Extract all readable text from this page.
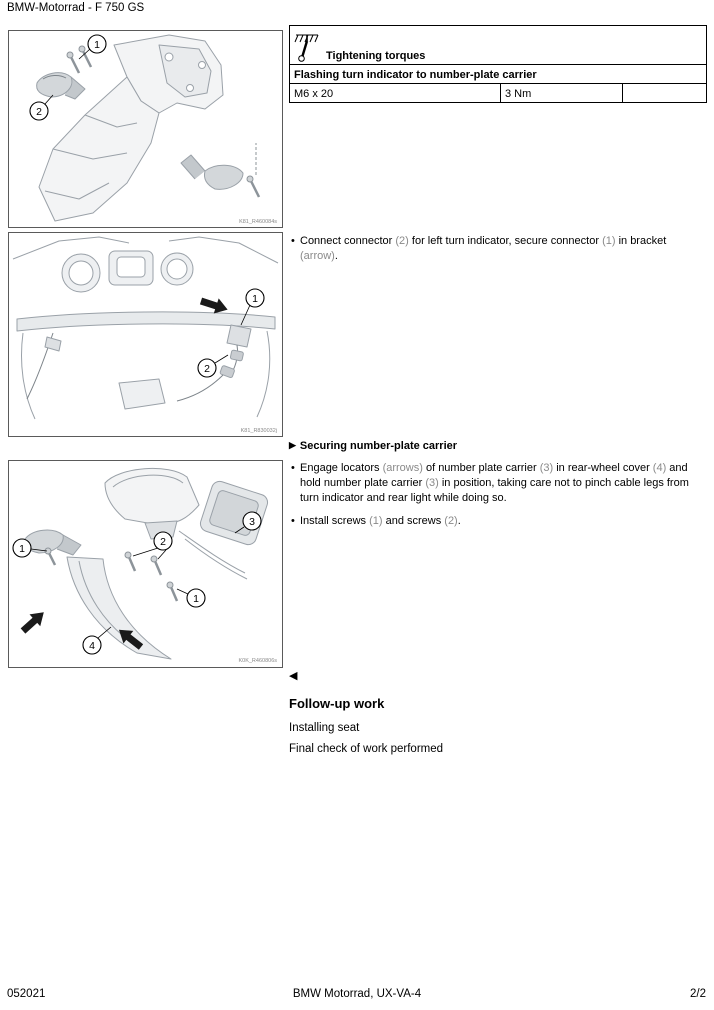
BMW-Motorrad - F 750 GS
1
2
K81_R460084s
1
2
K81_R830032j
1
2
3
1
4
K0K_R460806s
Tightening torques

Flashing turn indicator to number-plate carrier
M6 x 20	3 Nm	
• Connect connector (2) for left turn indicator, secure connector (1) in bracket (arrow).

▶ Securing number-plate carrier
• Engage locators (arrows) of number plate carrier (3) in rear-wheel cover (4) and hold number plate carrier (3) in position, taking care not to pinch cable legs from turn indicator and rear light while doing so.

• Install screws (1) and screws (2).

◀
Follow-up work
Installing seat
Final check of work performed
052021	BMW Motorrad, UX-VA-4	2/2
